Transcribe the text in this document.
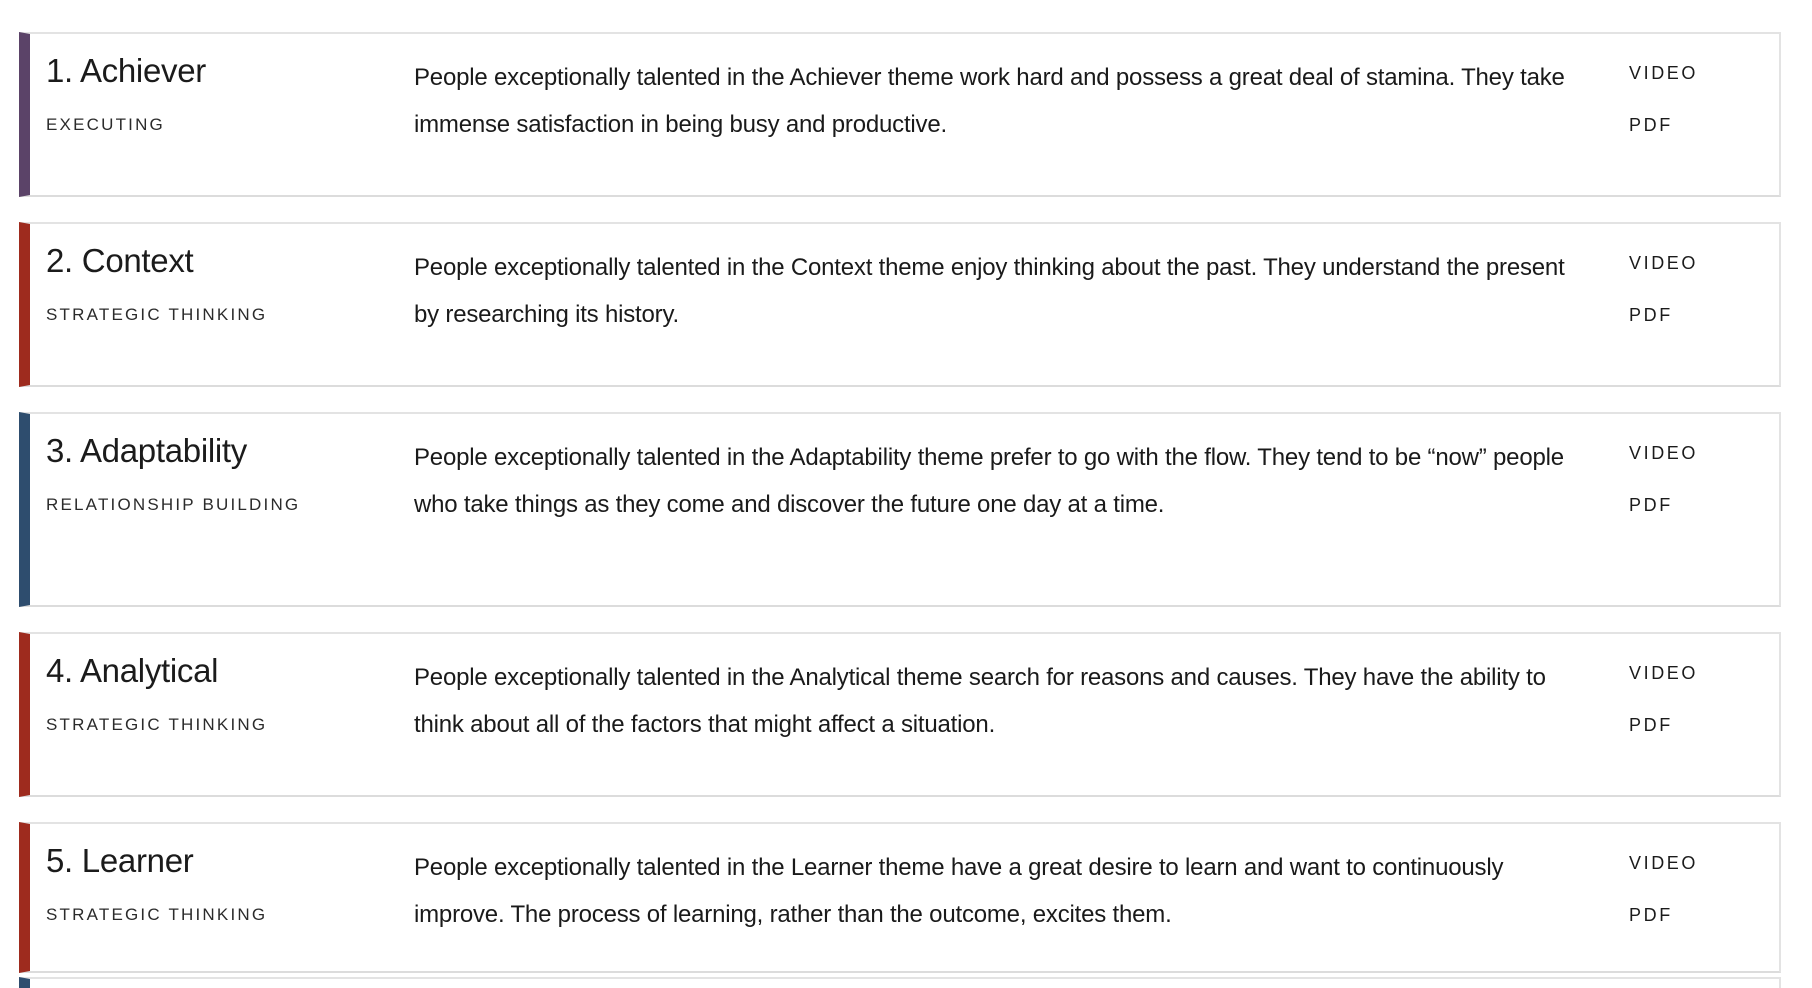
1. Achiever
EXECUTING
People exceptionally talented in the Achiever theme work hard and possess a great deal of stamina. They take immense satisfaction in being busy and productive.
VIDEO
PDF
2. Context
STRATEGIC THINKING
People exceptionally talented in the Context theme enjoy thinking about the past. They understand the present by researching its history.
VIDEO
PDF
3. Adaptability
RELATIONSHIP BUILDING
People exceptionally talented in the Adaptability theme prefer to go with the flow. They tend to be “now” people who take things as they come and discover the future one day at a time.
VIDEO
PDF
4. Analytical
STRATEGIC THINKING
People exceptionally talented in the Analytical theme search for reasons and causes. They have the ability to think about all of the factors that might affect a situation.
VIDEO
PDF
5. Learner
STRATEGIC THINKING
People exceptionally talented in the Learner theme have a great desire to learn and want to continuously improve. The process of learning, rather than the outcome, excites them.
VIDEO
PDF
